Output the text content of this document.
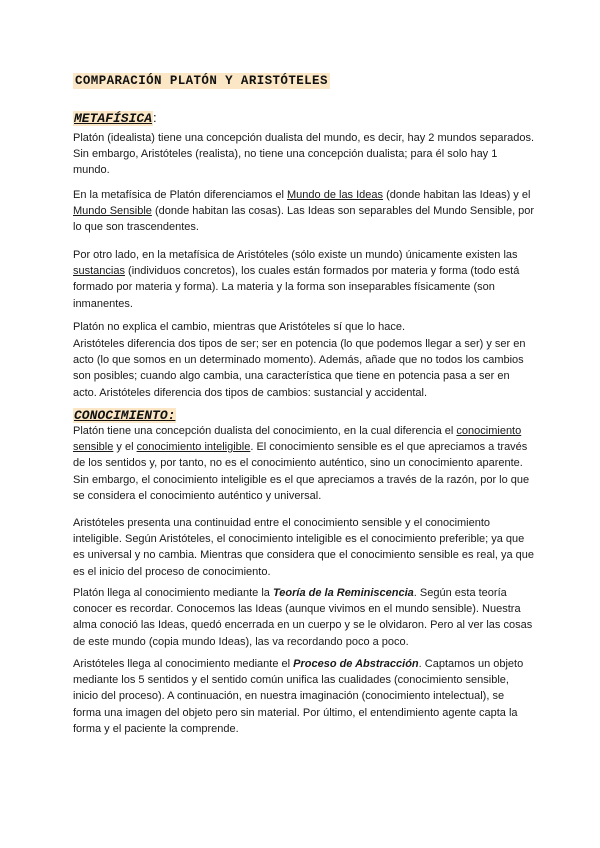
COMPARACIÓN PLATÓN Y ARISTÓTELES
METAFÍSICA:

Platón (idealista) tiene una concepción dualista del mundo, es decir, hay 2 mundos separados. Sin embargo, Aristóteles (realista), no tiene una concepción dualista; para él solo hay 1 mundo.

En la metafísica de Platón diferenciamos el Mundo de las Ideas (donde habitan las Ideas) y el Mundo Sensible (donde habitan las cosas). Las Ideas son separables del Mundo Sensible, por lo que son trascendentes.

Por otro lado, en la metafísica de Aristóteles (sólo existe un mundo) únicamente existen las sustancias (individuos concretos), los cuales están formados por materia y forma (todo está formado por materia y forma). La materia y la forma son inseparables físicamente (son inmanentes.

Platón no explica el cambio, mientras que Aristóteles sí que lo hace.

Aristóteles diferencia dos tipos de ser; ser en potencia (lo que podemos llegar a ser) y ser en acto (lo que somos en un determinado momento). Además, añade que no todos los cambios son posibles; cuando algo cambia, una característica que tiene en potencia pasa a ser en acto. Aristóteles diferencia dos tipos de cambios: sustancial y accidental.

CONOCIMIENTO:

Platón tiene una concepción dualista del conocimiento, en la cual diferencia el conocimiento sensible y el conocimiento inteligible. El conocimiento sensible es el que apreciamos a través de los sentidos y, por tanto, no es el conocimiento auténtico, sino un conocimiento aparente. Sin embargo, el conocimiento inteligible es el que apreciamos a través de la razón, por lo que se considera el conocimiento auténtico y universal.

Aristóteles presenta una continuidad entre el conocimiento sensible y el conocimiento inteligible. Según Aristóteles, el conocimiento inteligible es el conocimiento preferible; ya que es universal y no cambia. Mientras que considera que el conocimiento sensible es real, ya que es el inicio del proceso de conocimiento.

Platón llega al conocimiento mediante la Teoría de la Reminiscencia. Según esta teoría conocer es recordar. Conocemos las Ideas (aunque vivimos en el mundo sensible). Nuestra alma conoció las Ideas, quedó encerrada en un cuerpo y se le olvidaron. Pero al ver las cosas de este mundo (copia mundo Ideas), las va recordando poco a poco.

Aristóteles llega al conocimiento mediante el Proceso de Abstracción. Captamos un objeto mediante los 5 sentidos y el sentido común unifica las cualidades (conocimiento sensible, inicio del proceso). A continuación, en nuestra imaginación (conocimiento intelectual), se forma una imagen del objeto pero sin material. Por último, el entendimiento agente capta la forma y el paciente la comprende.
